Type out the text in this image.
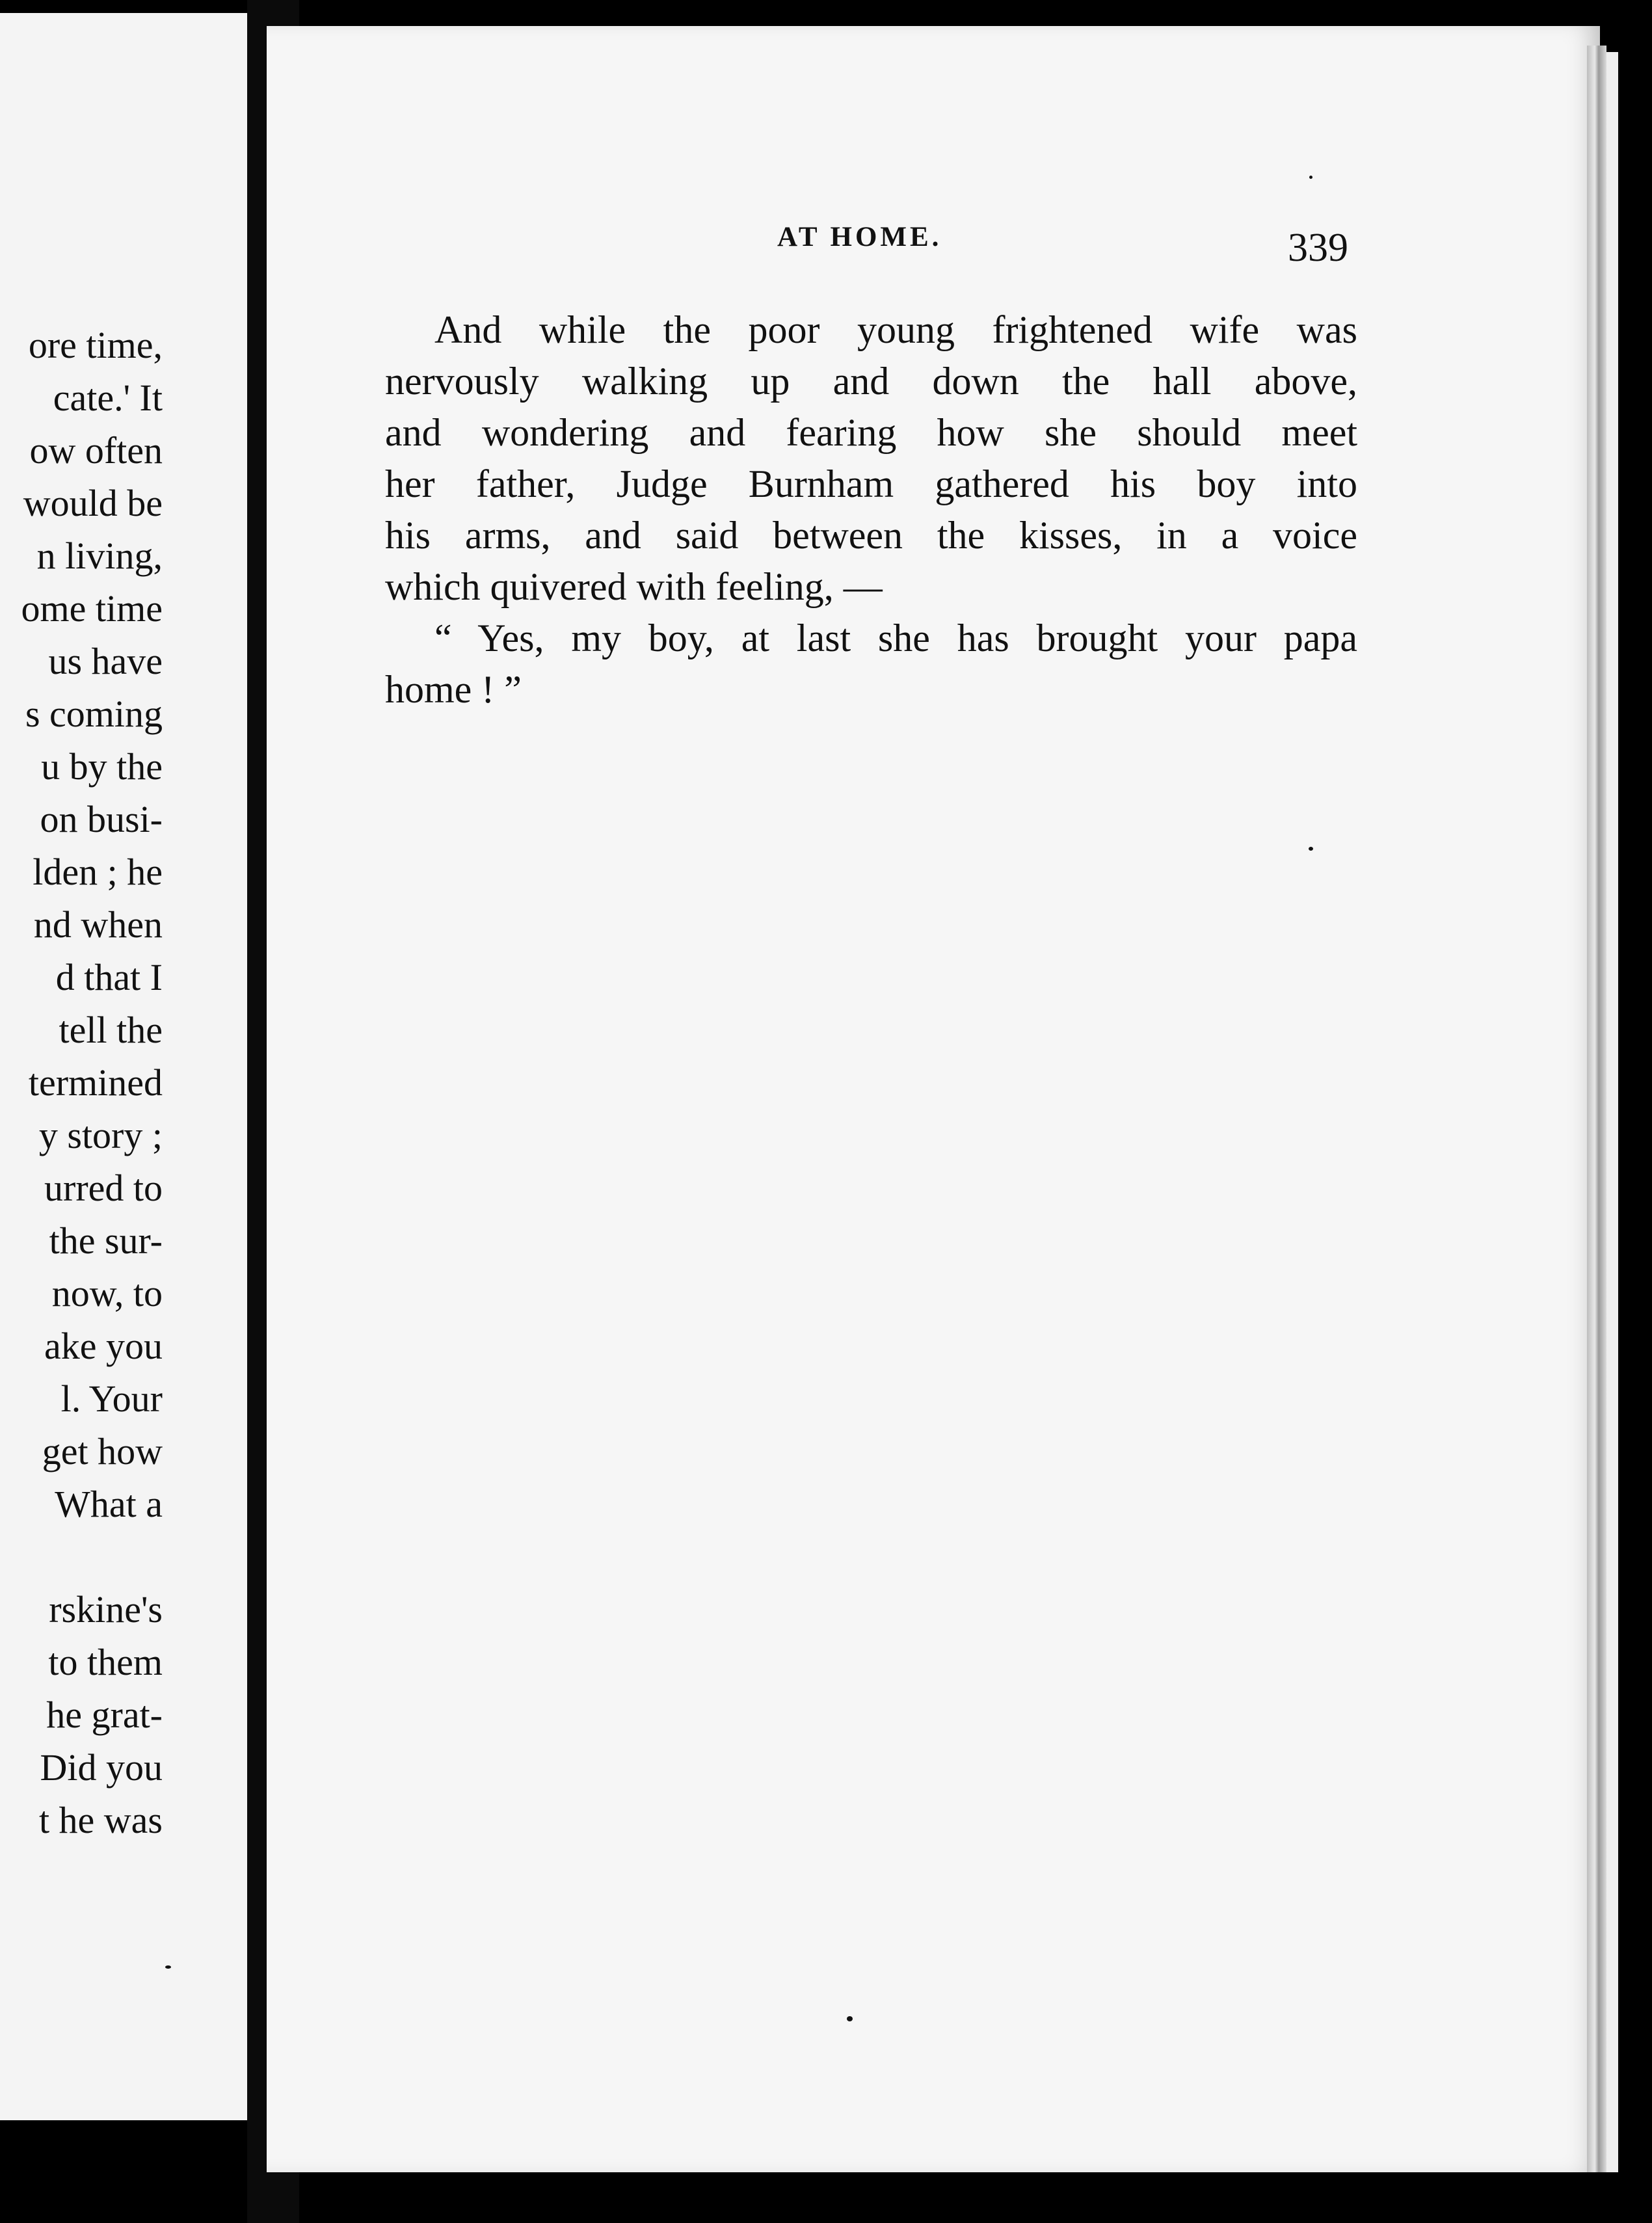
ore time,
cate.' It
ow often
would be
n living,
ome time
us have
s coming
u by the
on busi-
lden ; he
nd when
d that I
tell the
termined
y story ;
urred to
the sur-
now, to
ake you
l. Your
get how
What a
rskine's
to them
he grat-
Did you
t he was
AT HOME.	339
And while the poor young frightened wife was
nervously walking up and down the hall above,
and wondering and fearing how she should meet
her father, Judge Burnham gathered his boy into
his arms, and said between the kisses, in a voice
which quivered with feeling, —
“ Yes, my boy, at last she has brought your papa
home ! ”
